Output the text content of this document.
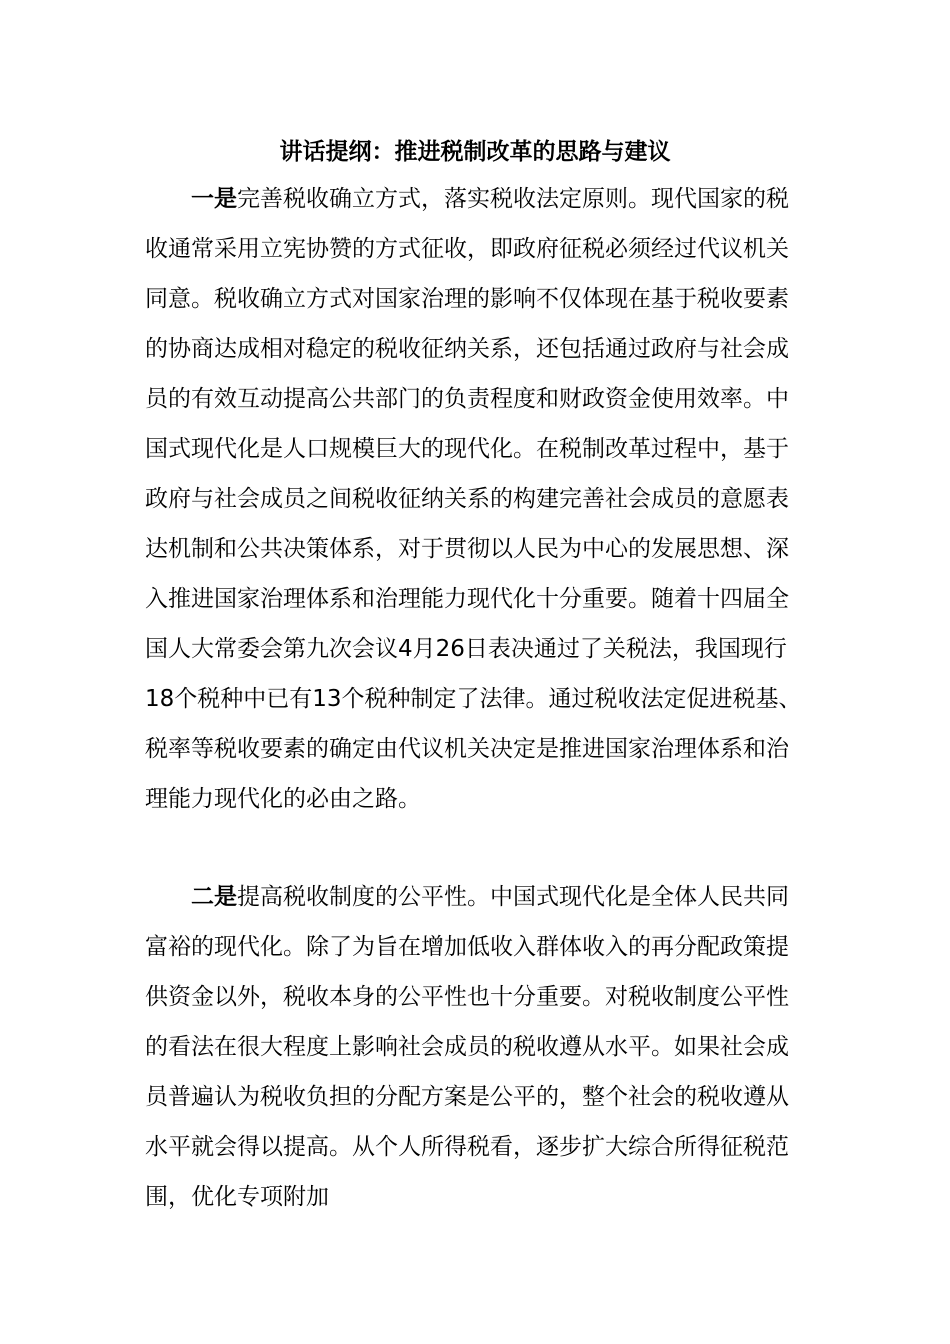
讲话提纲：推进税制改革的思路与建议

一是完善税收确立方式，落实税收法定原则。现代国家的税收通常采用立宪协赞的方式征收，即政府征税必须经过代议机关同意。税收确立方式对国家治理的影响不仅体现在基于税收要素的协商达成相对稳定的税收征纳关系，还包括通过政府与社会成员的有效互动提高公共部门的负责程度和财政资金使用效率。中国式现代化是人口规模巨大的现代化。在税制改革过程中，基于政府与社会成员之间税收征纳关系的构建完善社会成员的意愿表达机制和公共决策体系，对于贯彻以人民为中心的发展思想、深入推进国家治理体系和治理能力现代化十分重要。随着十四届全国人大常委会第九次会议4月26日表决通过了关税法，我国现行18个税种中已有13个税种制定了法律。通过税收法定促进税基、税率等税收要素的确定由代议机关决定是推进国家治理体系和治理能力现代化的必由之路。

二是提高税收制度的公平性。中国式现代化是全体人民共同富裕的现代化。除了为旨在增加低收入群体收入的再分配政策提供资金以外，税收本身的公平性也十分重要。对税收制度公平性的看法在很大程度上影响社会成员的税收遵从水平。如果社会成员普遍认为税收负担的分配方案是公平的，整个社会的税收遵从水平就会得以提高。从个人所得税看，逐步扩大综合所得征税范围，优化专项附加
